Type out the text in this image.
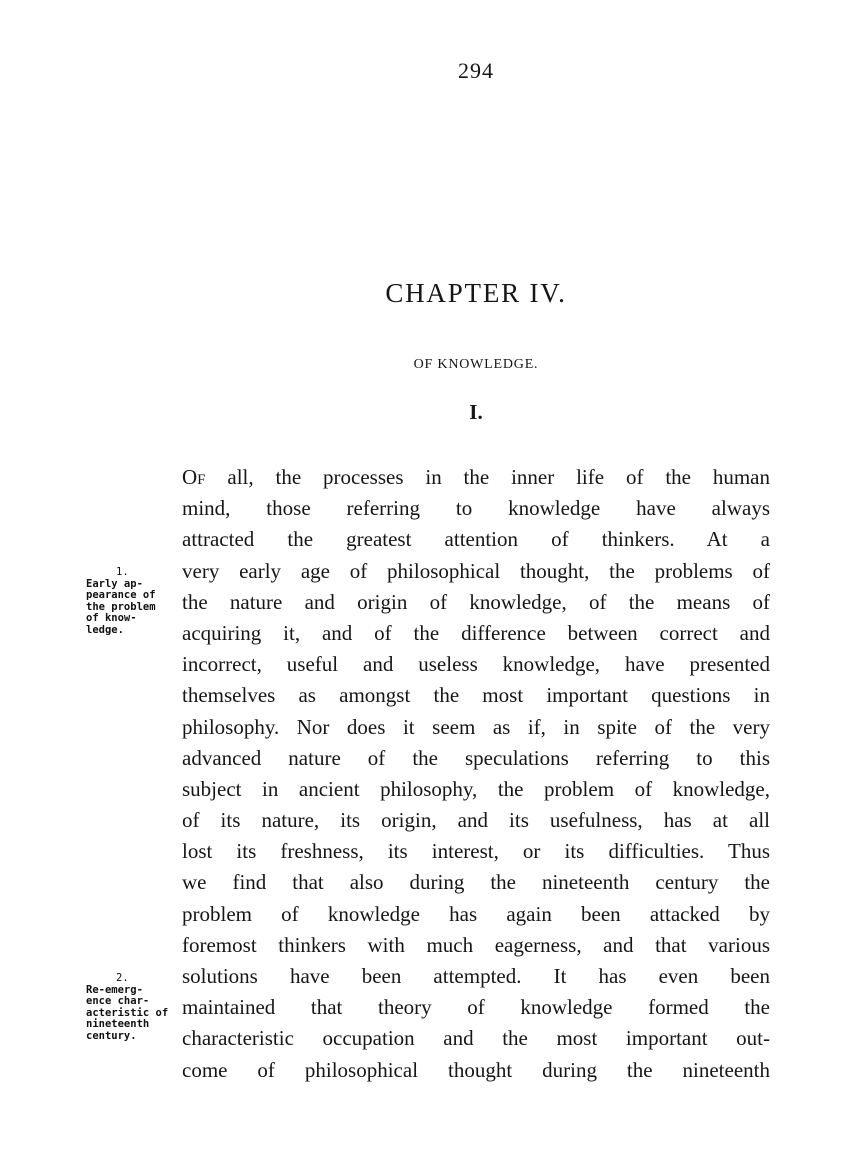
294
CHAPTER IV.
OF KNOWLEDGE.
I.
Of all, the processes in the inner life of the human
mind, those referring to knowledge have always
attracted the greatest attention of thinkers. At a
very early age of philosophical thought, the problems of
the nature and origin of knowledge, of the means of
acquiring it, and of the difference between correct and
incorrect, useful and useless knowledge, have presented
themselves as amongst the most important questions in
philosophy. Nor does it seem as if, in spite of the very
advanced nature of the speculations referring to this
subject in ancient philosophy, the problem of knowledge,
of its nature, its origin, and its usefulness, has at all
lost its freshness, its interest, or its difficulties. Thus
we find that also during the nineteenth century the
problem of knowledge has again been attacked by
foremost thinkers with much eagerness, and that various
solutions have been attempted. It has even been
maintained that theory of knowledge formed the
characteristic occupation and the most important out-
come of philosophical thought during the nineteenth
1.
Early ap-
pearance of
the problem
of know-
ledge.
2.
Re-emerg-
ence char-
acteristic of
nineteenth
century.
